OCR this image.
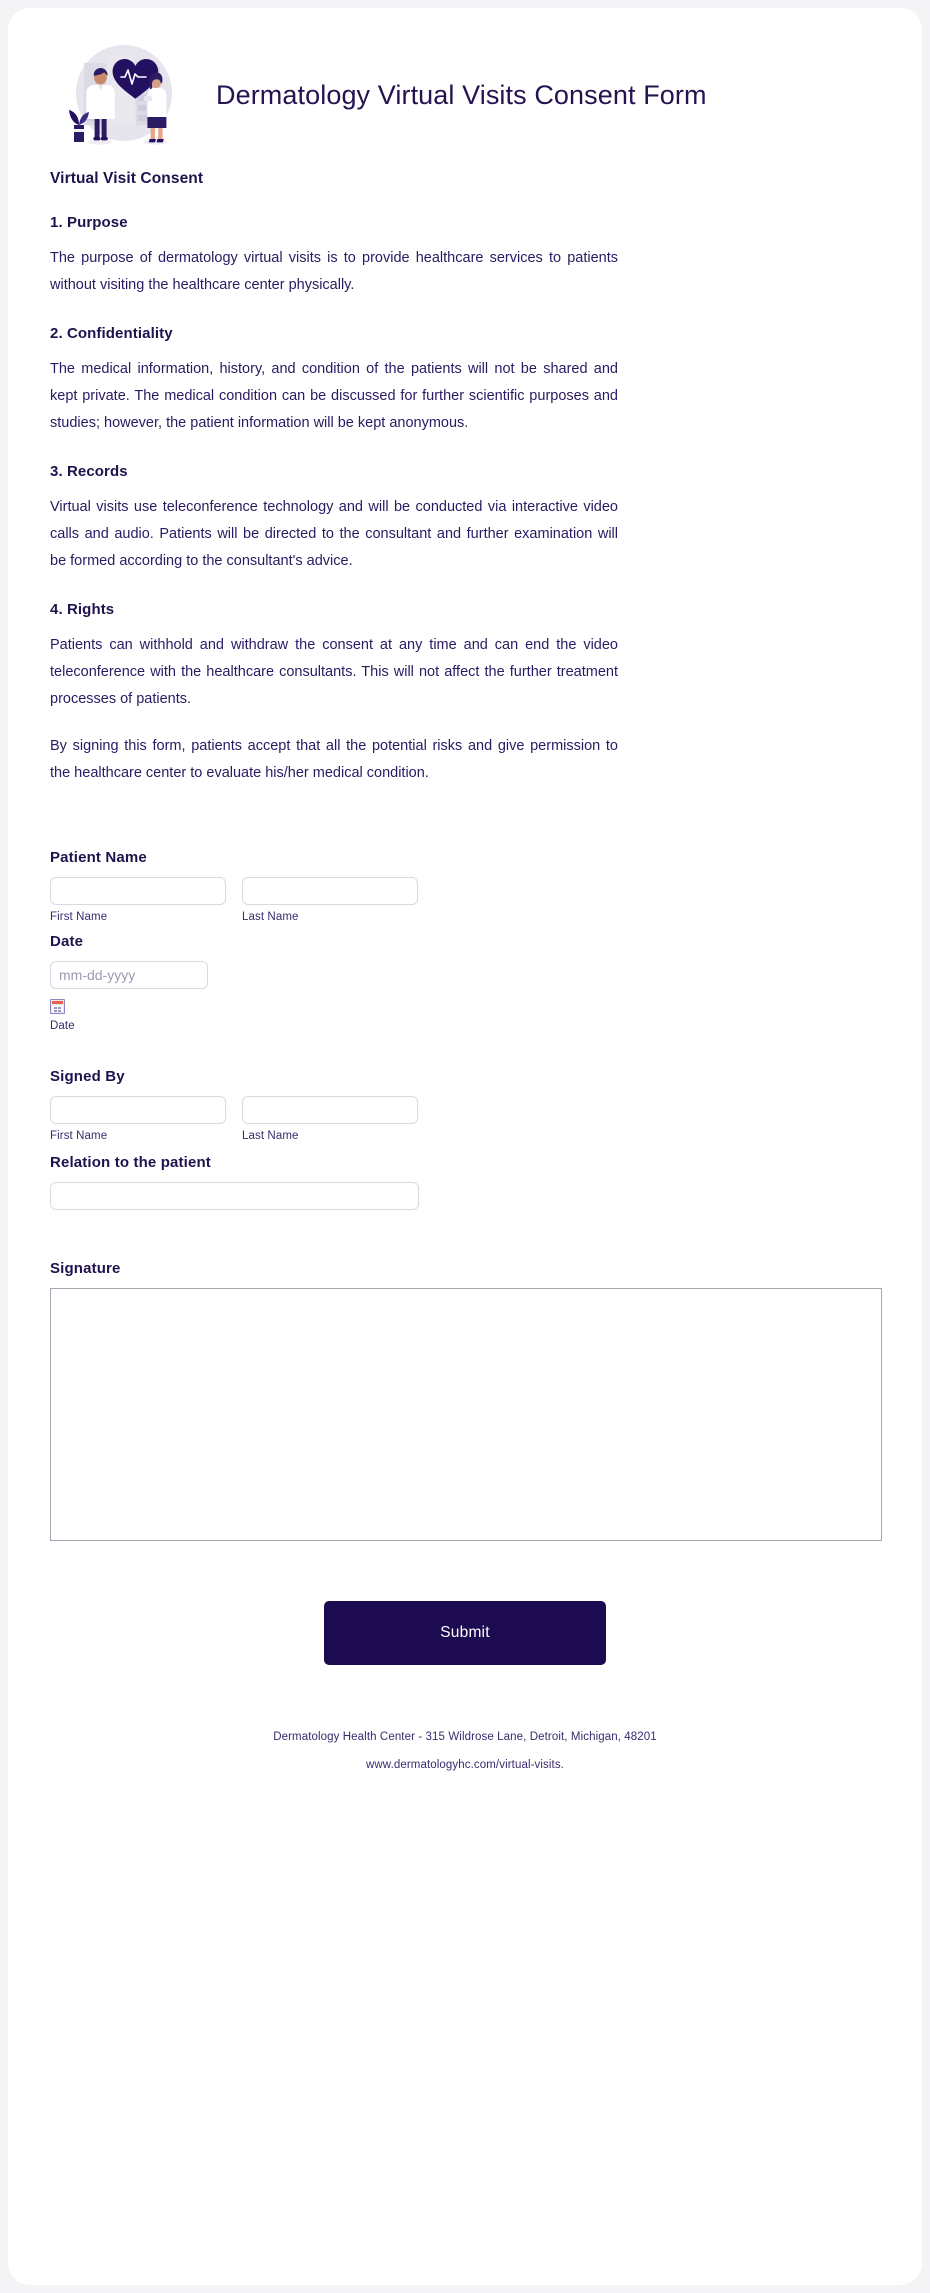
Dermatology Virtual Visits Consent Form
Virtual Visit Consent
1. Purpose

The purpose of dermatology virtual visits is to provide healthcare services to patients without visiting the healthcare center physically.

2. Confidentiality

The medical information, history, and condition of the patients will not be shared and kept private. The medical condition can be discussed for further scientific purposes and studies; however, the patient information will be kept anonymous.

3. Records

Virtual visits use teleconference technology and will be conducted via interactive video calls and audio. Patients will be directed to the consultant and further examination will be formed according to the consultant's advice.

4. Rights

Patients can withhold and withdraw the consent at any time and can end the video teleconference with the healthcare consultants. This will not affect the further treatment processes of patients.

By signing this form, patients accept that all the potential risks and give permission to the healthcare center to evaluate his/her medical condition.

Patient Name
First Name	Last Name
Date
mm-dd-yyyy
Date
Signed By
First Name	Last Name
Relation to the patient
Signature
Submit
Dermatology Health Center - 315 Wildrose Lane, Detroit, Michigan, 48201
www.dermatologyhc.com/virtual-visits.
